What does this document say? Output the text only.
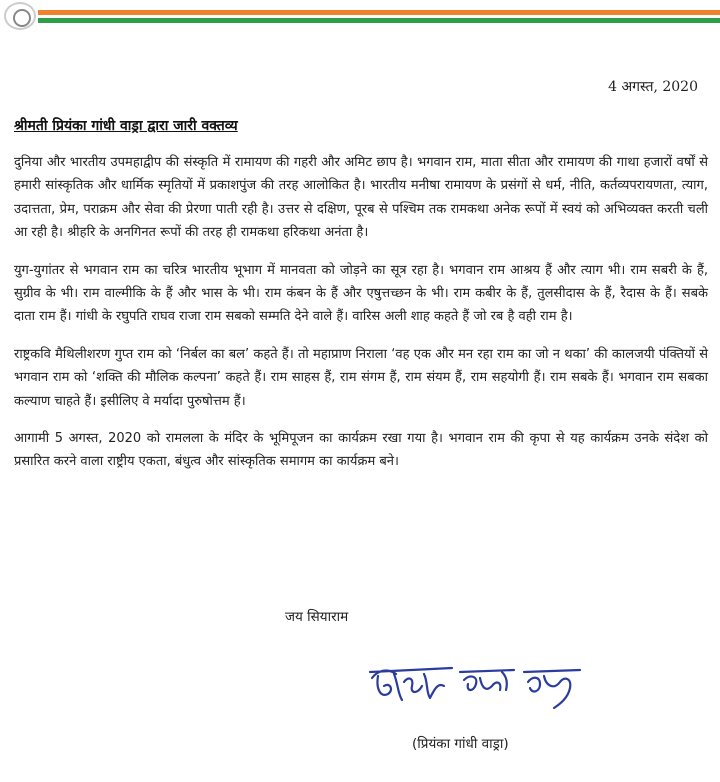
4 अगस्त, 2020
श्रीमती प्रियंका गांधी वाड्रा द्वारा जारी वक्तव्य

दुनिया और भारतीय उपमहाद्वीप की संस्कृति में रामायण की गहरी और अमिट छाप है। भगवान राम, माता सीता और रामायण की गाथा हजारों वर्षों से हमारी सांस्कृतिक और धार्मिक स्मृतियों में प्रकाशपुंज की तरह आलोकित है। भारतीय मनीषा रामायण के प्रसंगों से धर्म, नीति, कर्तव्यपरायणता, त्याग, उदात्तता, प्रेम, पराक्रम और सेवा की प्रेरणा पाती रही है। उत्तर से दक्षिण, पूरब से पश्चिम तक रामकथा अनेक रूपों में स्वयं को अभिव्यक्त करती चली आ रही है। श्रीहरि के अनगिनत रूपों की तरह ही रामकथा हरिकथा अनंता है।

युग-युगांतर से भगवान राम का चरित्र भारतीय भूभाग में मानवता को जोड़ने का सूत्र रहा है। भगवान राम आश्रय हैं और त्याग भी। राम सबरी के हैं, सुग्रीव के भी। राम वाल्मीकि के हैं और भास के भी। राम कंबन के हैं और एषुत्तच्छन के भी। राम कबीर के हैं, तुलसीदास के हैं, रैदास के हैं। सबके दाता राम हैं। गांधी के रघुपति राघव राजा राम सबको सम्मति देने वाले हैं। वारिस अली शाह कहते हैं जो रब है वही राम है।

राष्ट्रकवि मैथिलीशरण गुप्त राम को ‘निर्बल का बल’ कहते हैं। तो महाप्राण निराला ‘वह एक और मन रहा राम का जो न थका’ की कालजयी पंक्तियों से भगवान राम को ‘शक्ति की मौलिक कल्पना’ कहते हैं। राम साहस हैं, राम संगम हैं, राम संयम हैं, राम सहयोगी हैं। राम सबके हैं। भगवान राम सबका कल्याण चाहते हैं। इसीलिए वे मर्यादा पुरुषोत्तम हैं।

आगामी 5 अगस्त, 2020 को रामलला के मंदिर के भूमिपूजन का कार्यक्रम रखा गया है। भगवान राम की कृपा से यह कार्यक्रम उनके संदेश को प्रसारित करने वाला राष्ट्रीय एकता, बंधुत्व और सांस्कृतिक समागम का कार्यक्रम बने।

जय सियाराम
(प्रियंका गांधी वाड्रा)
